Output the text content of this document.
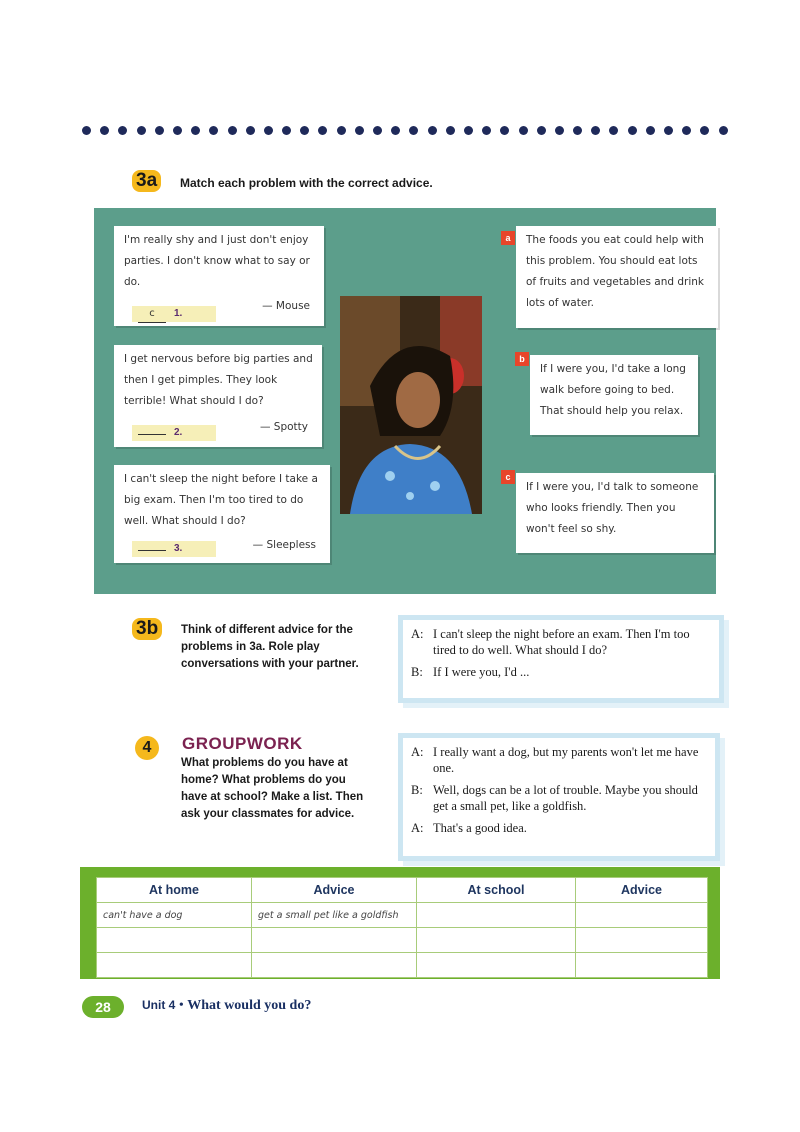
3a	Match each problem with the correct advice.
I'm really shy and I just don't enjoy parties. I don't know what to say or do.
— Mouse
c 1.
I get nervous before big parties and then I get pimples. They look terrible! What should I do?
— Spotty
2.
I can't sleep the night before I take a big exam. Then I'm too tired to do well. What should I do?
— Sleepless
3.
The foods you eat could help with this problem. You should eat lots of fruits and vegetables and drink lots of water.
a
If I were you, I'd take a long walk before going to bed. That should help you relax.
b
If I were you, I'd talk to someone who looks friendly. Then you won't feel so shy.
c
3b	Think of different advice for the problems in 3a. Role play conversations with your partner.
A: I can't sleep the night before an exam. Then I'm too tired to do well. What should I do?
B: If I were you, I'd ...
4	GROUPWORK
What problems do you have at home? What problems do you have at school? Make a list. Then ask your classmates for advice.
A: I really want a dog, but my parents won't let me have one.
B: Well, dogs can be a lot of trouble. Maybe you should get a small pet, like a goldfish.
A: That's a good idea.
At home	Advice	At school	Advice
can't have a dog	get a small pet like a goldfish		

28	Unit 4 • What would you do?
